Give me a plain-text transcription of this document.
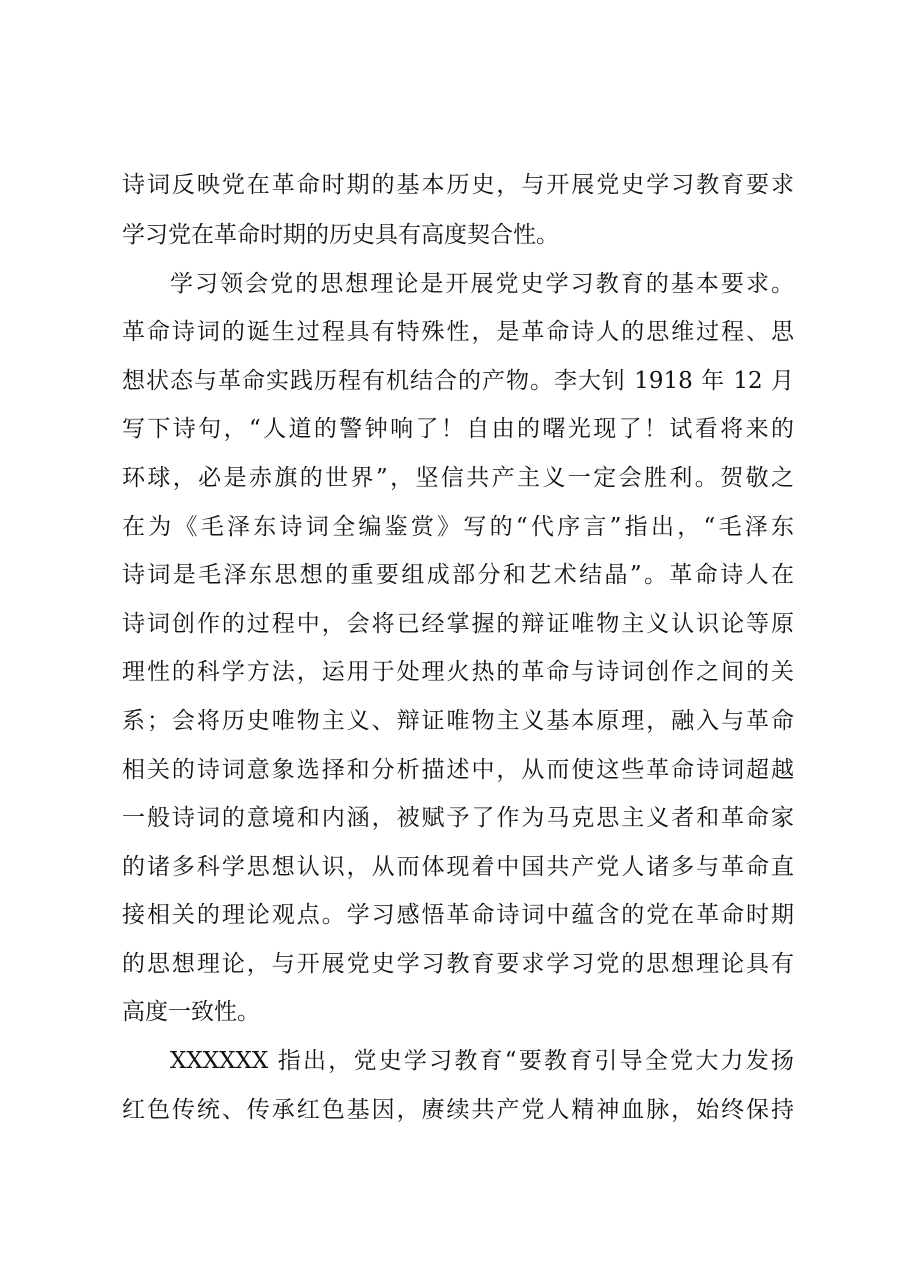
诗词反映党在革命时期的基本历史，与开展党史学习教育要求
学习党在革命时期的历史具有高度契合性。
学习领会党的思想理论是开展党史学习教育的基本要求。
革命诗词的诞生过程具有特殊性，是革命诗人的思维过程、思
想状态与革命实践历程有机结合的产物。李大钊 1918 年 12 月
写下诗句，“人道的警钟响了！自由的曙光现了！试看将来的
环球，必是赤旗的世界”，坚信共产主义一定会胜利。贺敬之
在为《毛泽东诗词全编鉴赏》写的“代序言”指出，“毛泽东
诗词是毛泽东思想的重要组成部分和艺术结晶”。革命诗人在
诗词创作的过程中，会将已经掌握的辩证唯物主义认识论等原
理性的科学方法，运用于处理火热的革命与诗词创作之间的关
系；会将历史唯物主义、辩证唯物主义基本原理，融入与革命
相关的诗词意象选择和分析描述中，从而使这些革命诗词超越
一般诗词的意境和内涵，被赋予了作为马克思主义者和革命家
的诸多科学思想认识，从而体现着中国共产党人诸多与革命直
接相关的理论观点。学习感悟革命诗词中蕴含的党在革命时期
的思想理论，与开展党史学习教育要求学习党的思想理论具有
高度一致性。
XXXXXX 指出，党史学习教育“要教育引导全党大力发扬
红色传统、传承红色基因，赓续共产党人精神血脉，始终保持
